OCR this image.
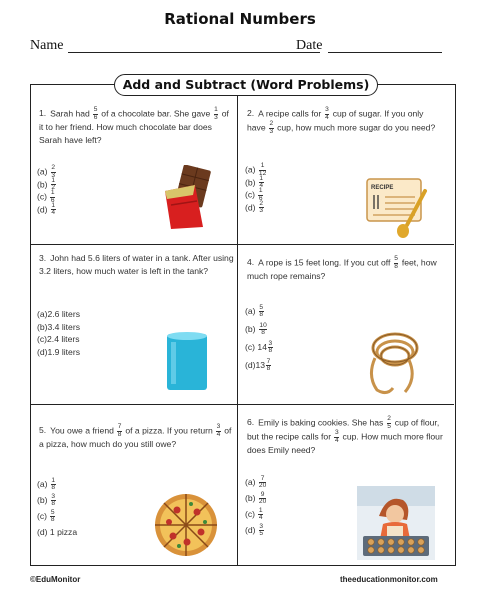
Rational Numbers
Name	Date
1. Sarah had $\frac{5}{6}$ of a chocolate bar. She gave $\frac{1}{3}$ of it to her friend. How much chocolate bar does Sarah have left?
$(a) \frac{2}{3}$
$(b) \frac{1}{2}$
$(c) \frac{1}{6}$
$(d) \frac{1}{4}$
2. A recipe calls for $\frac{3}{4}$ cup of sugar. If you only have $\frac{2}{3}$ cup, how much more sugar do you need?
$(a) \frac{1}{12}$
$(b) \frac{1}{4}$
$(c) \frac{1}{6}$
$(d) \frac{2}{3}$
RECIPE
3. John had 5.6 liters of water in a tank. After using 3.2 liters, how much water is left in the tank?
(a)2.6 liters
(b)3.4 liters
(c)2.4 liters
(d)1.9 liters
4. A rope is 15 feet long. If you cut off $\frac{5}{8}$ feet, how much rope remains?
$(a) \frac{5}{8}$
$(b) \frac{10}{8}$
(c) $14 \frac{3}{8}$
$(d)13 \frac{7}{8}$
5. You owe a friend $\frac{7}{8}$ of a pizza. If you return $\frac{3}{4}$ of a pizza, how much do you still owe?
$(a) \frac{1}{8}$
$(b) \frac{3}{8}$
$(c) \frac{5}{8}$
(d) 1 pizza
6. Emily is baking cookies. She has $\frac{2}{5}$ cup of flour, but the recipe calls for $\frac{3}{4}$ cup. How much more flour does Emily need?
$(a) \frac{7}{20}$
$(b) \frac{9}{20}$
$(c) \frac{1}{4}$
$(d) \frac{3}{5}$
Add and Subtract (Word Problems)
©EduMonitor	theeducationmonitor.com
